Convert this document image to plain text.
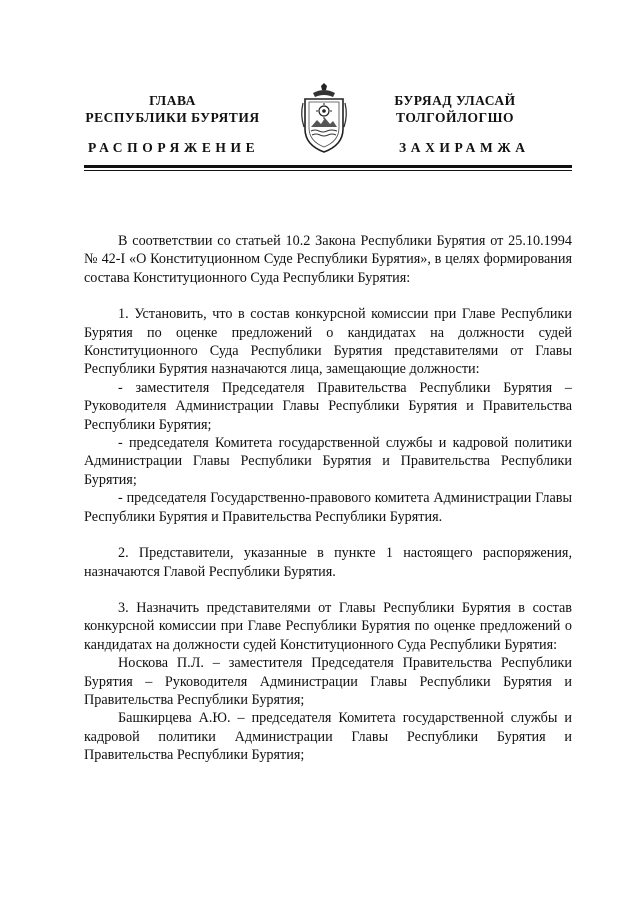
ГЛАВА
РЕСПУБЛИКИ БУРЯТИЯ
БУРЯАД УЛАСАЙ
ТОЛГОЙЛОГШО
РАСПОРЯЖЕНИЕ	ЗАХИРАМЖА

В соответствии со статьей 10.2 Закона Республики Бурятия от 25.10.1994 № 42-I «О Конституционном Суде Республики Бурятия», в целях формирования состава Конституционного Суда Республики Бурятия:

1. Установить, что в состав конкурсной комиссии при Главе Республики Бурятия по оценке предложений о кандидатах на должности судей Конституционного Суда Республики Бурятия представителями от Главы Республики Бурятия назначаются лица, замещающие должности:

- заместителя Председателя Правительства Республики Бурятия – Руководителя Администрации Главы Республики Бурятия и Правительства Республики Бурятия;

- председателя Комитета государственной службы и кадровой политики Администрации Главы Республики Бурятия и Правительства Республики Бурятия;

- председателя Государственно-правового комитета Администрации Главы Республики Бурятия и Правительства Республики Бурятия.

2. Представители, указанные в пункте 1 настоящего распоряжения, назначаются Главой Республики Бурятия.

3. Назначить представителями от Главы Республики Бурятия в состав конкурсной комиссии при Главе Республики Бурятия по оценке предложений о кандидатах на должности судей Конституционного Суда Республики Бурятия:

Носкова П.Л. – заместителя Председателя Правительства Республики Бурятия – Руководителя Администрации Главы Республики Бурятия и Правительства Республики Бурятия;

Башкирцева А.Ю. – председателя Комитета государственной службы и кадровой политики Администрации Главы Республики Бурятия и Правительства Республики Бурятия;
